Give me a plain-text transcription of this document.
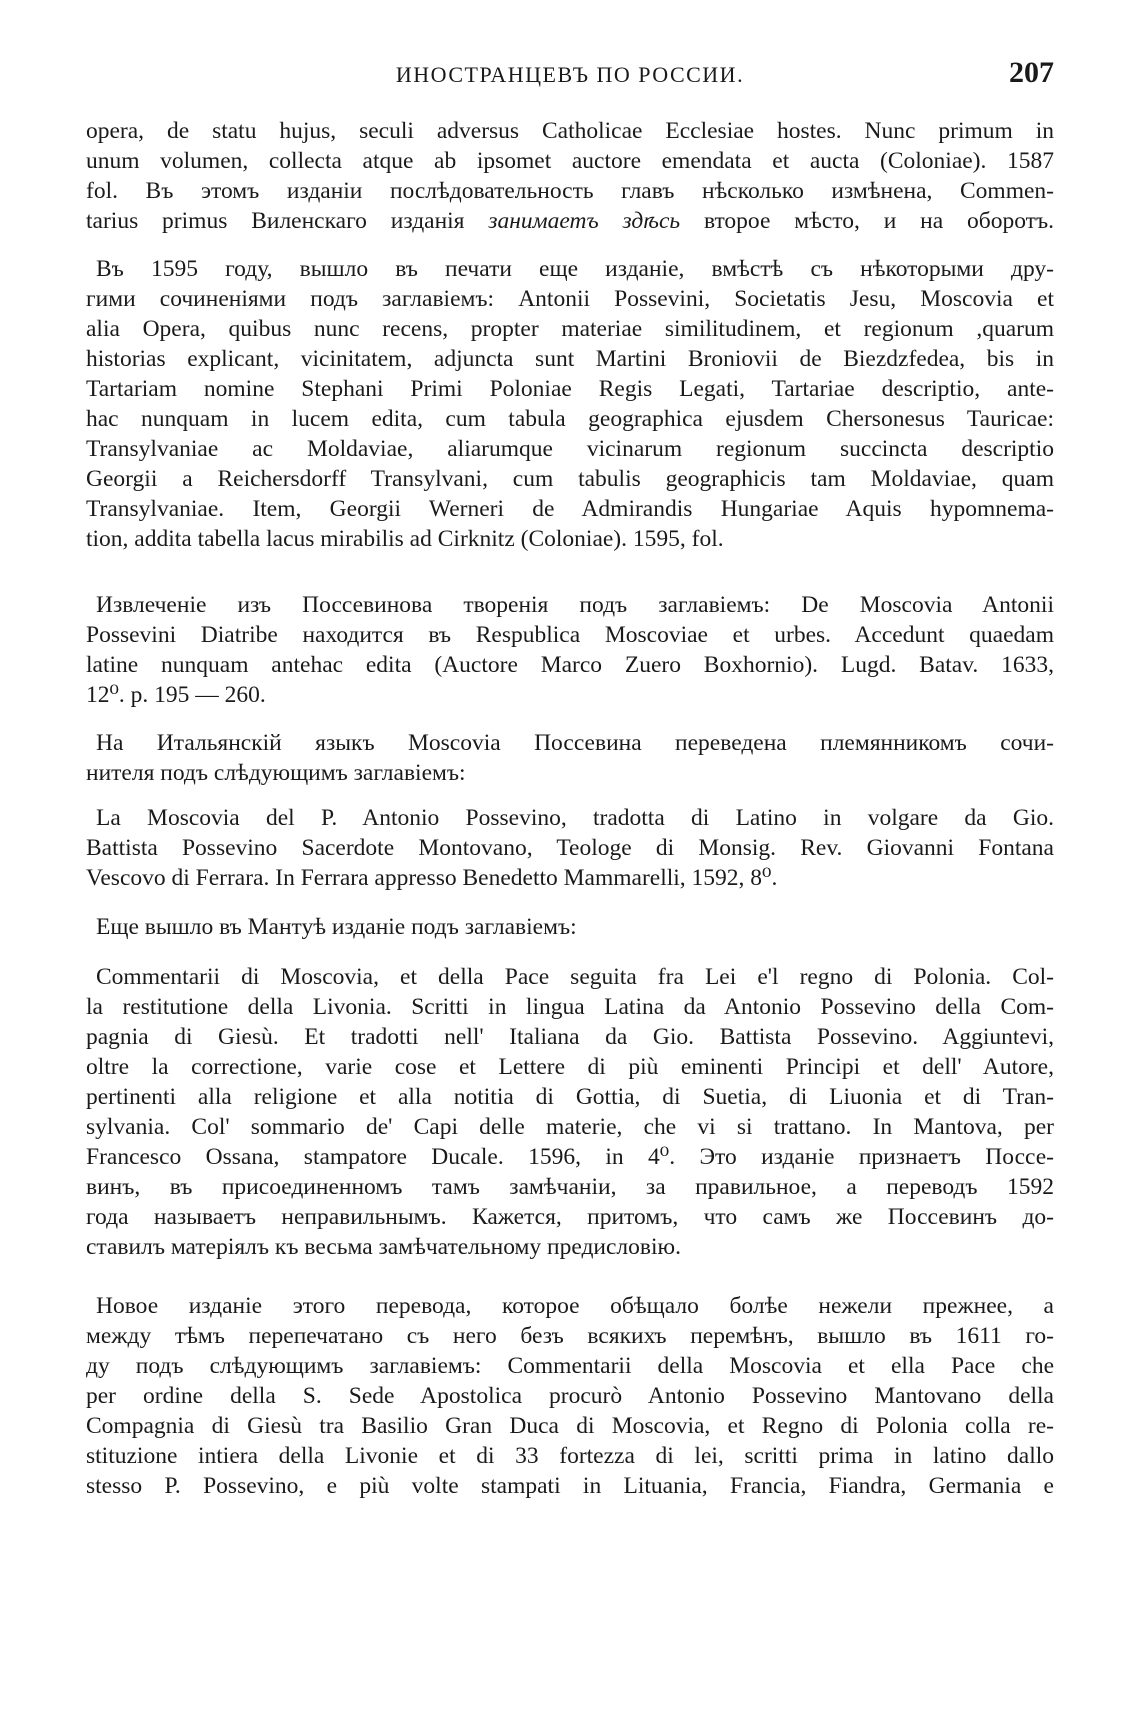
ИНОСТРАНЦЕВЪ ПО РОССИИ.	207
opera, de statu hujus, seculi adversus Catholicae Ecclesiae hostes. Nunc primum in
unum volumen, collecta atque ab ipsomet auctore emendata et aucta (Coloniae). 1587
fol. Въ этомъ изданіи послѣдовательность главъ нѣсколько измѣнена, Commen-
tarius primus Виленскаго изданія занимаетъ здѣсь второе мѣсто, и на оборотъ.
Въ 1595 году, вышло въ печати еще изданіе, вмѣстѣ съ нѣкоторыми дру-
гими сочиненіями подъ заглавіемъ: Antonii Possevini, Societatis Jesu, Moscovia et
alia Opera, quibus nunc recens, propter materiae similitudinem, et regionum ,quarum
historias explicant, vicinitatem, adjuncta sunt Martini Broniovii de Biezdzfedea, bis in
Tartariam nomine Stephani Primi Poloniae Regis Legati, Tartariae descriptio, ante-
hac nunquam in lucem edita, cum tabula geographica ejusdem Chersonesus Tauricae:
Transylvaniae ac Moldaviae, aliarumque vicinarum regionum succincta descriptio
Georgii a Reichersdorff Transylvani, cum tabulis geographicis tam Moldaviae, quam
Transylvaniae. Item, Georgii Werneri de Admirandis Hungariae Aquis hypomnema-
tion, addita tabella lacus mirabilis ad Cirknitz (Coloniae). 1595, fol.
Извлеченіе изъ Поссевинова творенія подъ заглавіемъ: De Moscovia Antonii
Possevini Diatribe находится въ Respublica Moscoviae et urbes. Accedunt quaedam
latine nunquam antehac edita (Auctore Marco Zuero Boxhornio). Lugd. Batav. 1633,
12⁰. p. 195 — 260.
На Итальянскій языкъ Moscovia Поссевина переведена племянникомъ сочи-
нителя подъ слѣдующимъ заглавіемъ:
La Moscovia del P. Antonio Possevino, tradotta di Latino in volgare da Gio.
Battista Possevino Sacerdote Montovano, Teologe di Monsig. Rev. Giovanni Fontana
Vescovo di Ferrara. In Ferrara appresso Benedetto Mammarelli, 1592, 8⁰.
Еще вышло въ Мантуѣ изданіе подъ заглавіемъ:
Commentarii di Moscovia, et della Pace seguita fra Lei e'l regno di Polonia. Col-
la restitutione della Livonia. Scritti in lingua Latina da Antonio Possevino della Com-
pagnia di Giesù. Et tradotti nell' Italiana da Gio. Battista Possevino. Aggiuntevi,
oltre la correctione, varie cose et Lettere di più eminenti Principi et dell' Autore,
pertinenti alla religione et alla notitia di Gottia, di Suetia, di Liuonia et di Tran-
sylvania. Col' sommario de' Capi delle materie, che vi si trattano. In Mantova, per
Francesco Ossana, stampatore Ducale. 1596, in 4⁰. Это изданіе признаетъ Поссе-
винъ, въ присоединенномъ тамъ замѣчаніи, за правильное, а переводъ 1592
года называетъ неправильнымъ. Кажется, притомъ, что самъ же Поссевинъ до-
ставилъ матеріялъ къ весьма замѣчательному предисловію.
Новое изданіе этого перевода, которое обѣщало болѣе нежели прежнее, а
между тѣмъ перепечатано съ него безъ всякихъ перемѣнъ, вышло въ 1611 го-
ду подъ слѣдующимъ заглавіемъ: Commentarii della Moscovia et ella Pace che
per ordine della S. Sede Apostolica procurò Antonio Possevino Mantovano della
Compagnia di Giesù tra Basilio Gran Duca di Moscovia, et Regno di Polonia colla re-
stituzione intiera della Livonie et di 33 fortezza di lei, scritti prima in latino dallo
stesso P. Possevino, e più volte stampati in Lituania, Francia, Fiandra, Germania e
